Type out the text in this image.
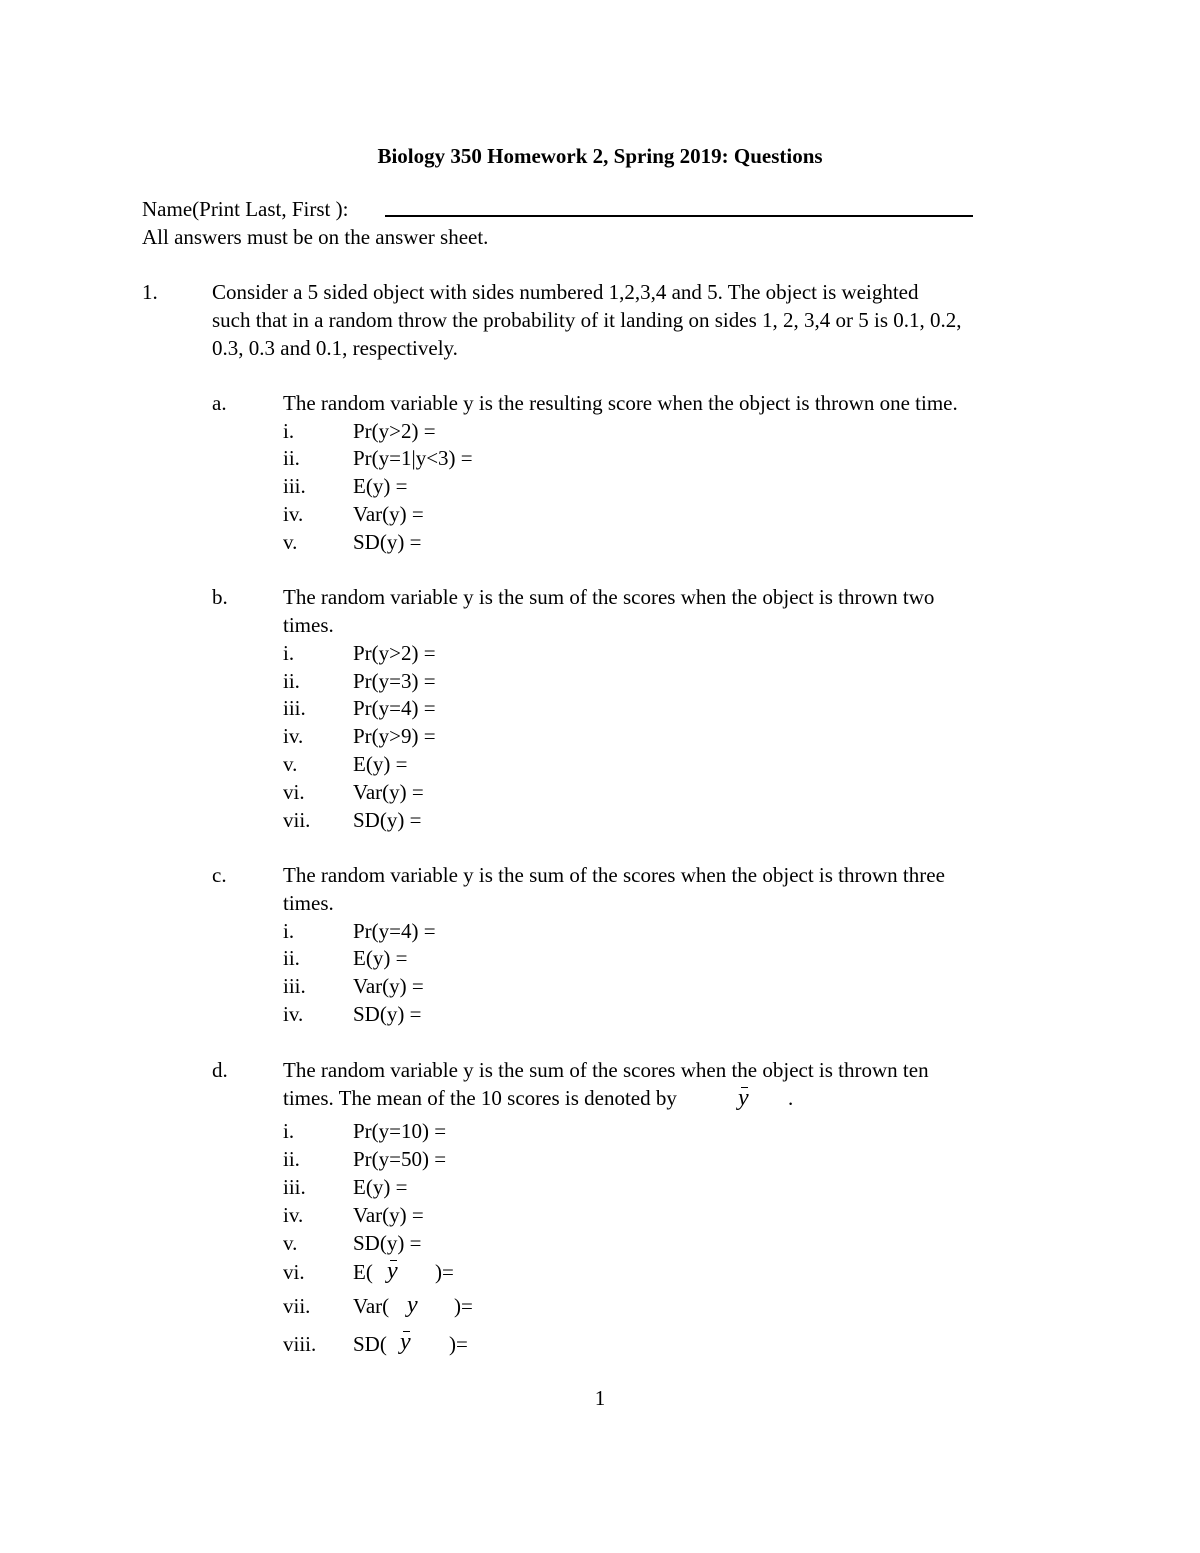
Biology 350 Homework 2, Spring 2019: Questions
Name(Print Last, First ):
All answers must be on the answer sheet.
1.	Consider a 5 sided object with sides numbered 1,2,3,4 and 5. The object is weighted
such that in a random throw the probability of it landing on sides 1, 2, 3,4 or 5 is 0.1, 0.2,
0.3, 0.3 and 0.1, respectively.
a.	The random variable y is the resulting score when the object is thrown one time.
i.	Pr(y>2) =
ii.	Pr(y=1|y<3) =
iii. E(y) =
iv. Var(y) =
v.	SD(y) =
b.	The random variable y is the sum of the scores when the object is thrown two
times.
i.	Pr(y>2) =
ii.	Pr(y=3) =
iii. Pr(y=4) =
iv. Pr(y>9) =
v.	E(y) =
vi. Var(y) =
vii. SD(y) =
c.	The random variable y is the sum of the scores when the object is thrown three
times.
i.	Pr(y=4) =
ii.	E(y) =
iii. Var(y) =
iv. SD(y) =
d.	The random variable y is the sum of the scores when the object is thrown ten
times. The mean of the 10 scores is denoted by	y .
i.	Pr(y=10) =
ii.	Pr(y=50) =
iii. E(y) =
iv. Var(y) =
v.	SD(y) =
vi. E( y )=
vii. Var( y )=
viii. SD( y )=
1
